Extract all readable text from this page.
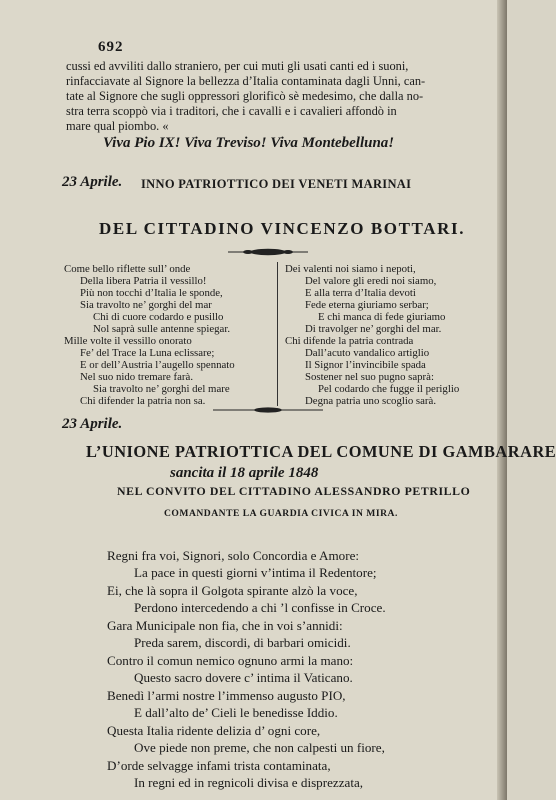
692
cussi ed avviliti dallo straniero, per cui muti gli usati canti ed i suoni,
rinfacciavate al Signore la bellezza d’Italia contaminata dagli Unni, can-
tate al Signore che sugli oppressori glorificò sè medesimo, che dalla no-
stra terra scoppò via i traditori, che i cavalli e i cavalieri affondò in
mare qual piombo. «
Viva Pio IX! Viva Treviso! Viva Montebelluna!
23 Aprile. INNO PATRIOTTICO DEI VENETI MARINAI
DEL CITTADINO VINCENZO BOTTARI.
Come bello riflette sull’ onde
Della libera Patria il vessillo!
Più non tocchi d’Italia le sponde,
Sia travolto ne’ gorghi del mar
Chi di cuore codardo e pusillo
Nol saprà sulle antenne spiegar.
Mille volte il vessillo onorato
Fe’ del Trace la Luna eclissare;
E or dell’Austria l’augello spennato
Nel suo nido tremare farà.
Sia travolto ne’ gorghi del mare
Chi difender la patria non sa.
Dei valenti noi siamo i nepoti,
Del valore gli eredi noi siamo,
E alla terra d’Italia devoti
Fede eterna giuriamo serbar;
E chi manca di fede giuriamo
Di travolger ne’ gorghi del mar.
Chi difende la patria contrada
Dall’acuto vandalico artiglio
Il Signor l’invincibile spada
Sostener nel suo pugno saprà:
Pel codardo che fugge il periglio
Degna patria uno scoglio sarà.
23 Aprile.
L’UNIONE PATRIOTTICA DEL COMUNE DI GAMBARARE
sancita il 18 aprile 1848
NEL CONVITO DEL CITTADINO ALESSANDRO PETRILLO
COMANDANTE LA GUARDIA CIVICA IN MIRA.
Regni fra voi, Signori, solo Concordia e Amore:
La pace in questi giorni v’intima il Redentore;
Ei, che là sopra il Golgota spirante alzò la voce,
Perdono intercedendo a chi ’l confisse in Croce.
Gara Municipale non fia, che in voi s’annidi:
Preda sarem, discordi, di barbari omicidi.
Contro il comun nemico ognuno armi la mano:
Questo sacro dovere c’ intima il Vaticano.
Benedì l’armi nostre l’immenso augusto PIO,
E dall’alto de’ Cieli le benedisse Iddio.
Questa Italia ridente delizia d’ ogni core,
Ove piede non preme, che non calpesti un fiore,
D’orde selvagge infami trista contaminata,
In regni ed in regnicoli divisa e disprezzata,
